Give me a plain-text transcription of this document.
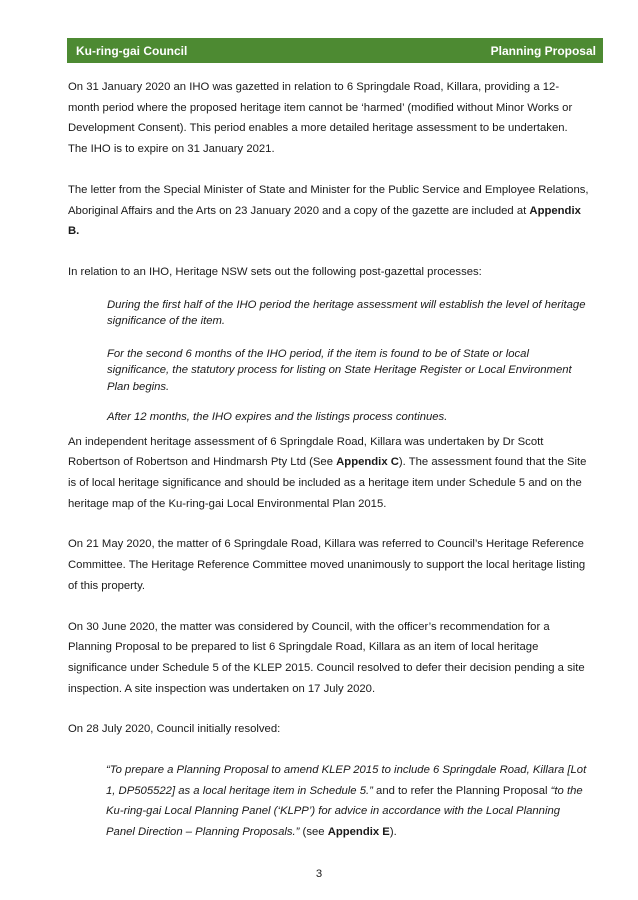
Ku-ring-gai Council	Planning Proposal

On 31 January 2020 an IHO was gazetted in relation to 6 Springdale Road, Killara, providing a 12-month period where the proposed heritage item cannot be ‘harmed’ (modified without Minor Works or Development Consent). This period enables a more detailed heritage assessment to be undertaken. The IHO is to expire on 31 January 2021.

The letter from the Special Minister of State and Minister for the Public Service and Employee Relations, Aboriginal Affairs and the Arts on 23 January 2020 and a copy of the gazette are included at Appendix B.

In relation to an IHO, Heritage NSW sets out the following post-gazettal processes:

During the first half of the IHO period the heritage assessment will establish the level of heritage significance of the item.

For the second 6 months of the IHO period, if the item is found to be of State or local significance, the statutory process for listing on State Heritage Register or Local Environment Plan begins.

After 12 months, the IHO expires and the listings process continues.

An independent heritage assessment of 6 Springdale Road, Killara was undertaken by Dr Scott Robertson of Robertson and Hindmarsh Pty Ltd (See Appendix C). The assessment found that the Site is of local heritage significance and should be included as a heritage item under Schedule 5 and on the heritage map of the Ku-ring-gai Local Environmental Plan 2015.

On 21 May 2020, the matter of 6 Springdale Road, Killara was referred to Council’s Heritage Reference Committee. The Heritage Reference Committee moved unanimously to support the local heritage listing of this property.

On 30 June 2020, the matter was considered by Council, with the officer’s recommendation for a Planning Proposal to be prepared to list 6 Springdale Road, Killara as an item of local heritage significance under Schedule 5 of the KLEP 2015. Council resolved to defer their decision pending a site inspection. A site inspection was undertaken on 17 July 2020.

On 28 July 2020, Council initially resolved:

“To prepare a Planning Proposal to amend KLEP 2015 to include 6 Springdale Road, Killara [Lot 1, DP505522] as a local heritage item in Schedule 5.” and to refer the Planning Proposal “to the Ku-ring-gai Local Planning Panel (‘KLPP’) for advice in accordance with the Local Planning Panel Direction – Planning Proposals.” (see Appendix E).

3
